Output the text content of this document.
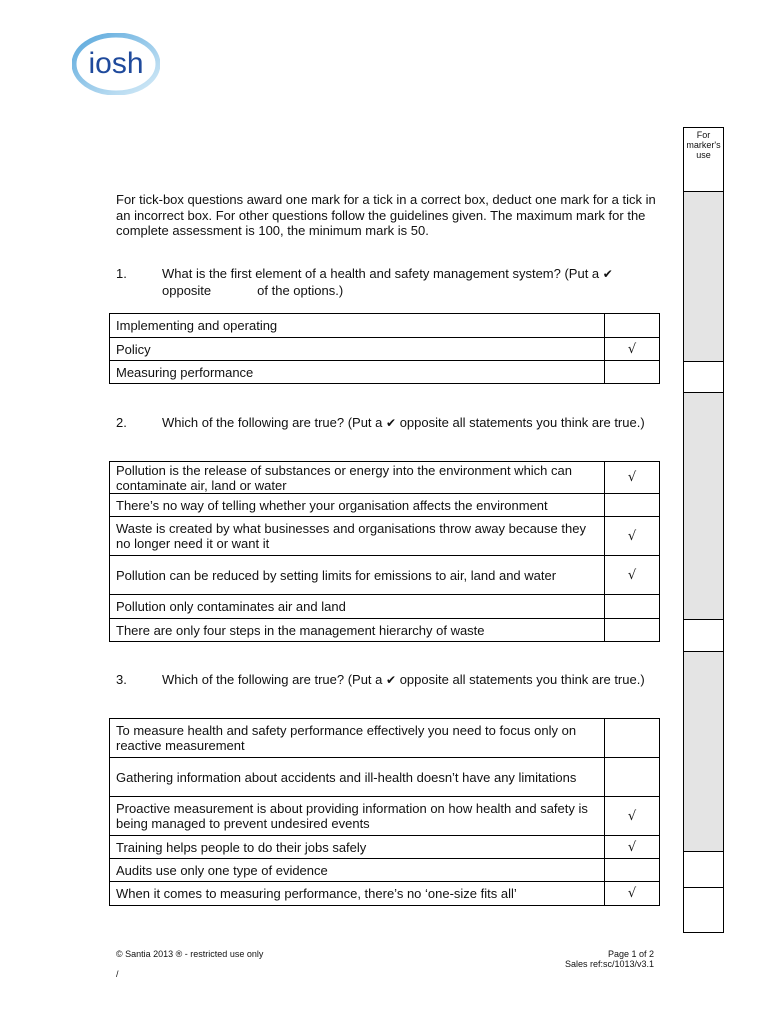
iosh
For marker's use
For tick-box questions award one mark for a tick in a correct box, deduct one mark for a tick in an incorrect box. For other questions follow the guidelines given. The maximum mark for the complete assessment is 100, the minimum mark is 50.
1.	What is the first element of a health and safety management system? (Put a ✔
opposite	of the options.)
Implementing and operating	
Policy	√
Measuring performance	
2.	Which of the following are true? (Put a ✔ opposite all statements you think are true.)
Pollution is the release of substances or energy into the environment which can contaminate air, land or water	√
There’s no way of telling whether your organisation affects the environment	
Waste is created by what businesses and organisations throw away because they no longer need it or want it	√
Pollution can be reduced by setting limits for emissions to air, land and water	√
Pollution only contaminates air and land	
There are only four steps in the management hierarchy of waste	
3.	Which of the following are true? (Put a ✔ opposite all statements you think are true.)
To measure health and safety performance effectively you need to focus only on reactive measurement	
Gathering information about accidents and ill-health doesn’t have any limitations	
Proactive measurement is about providing information on how health and safety is being managed to prevent undesired events	√
Training helps people to do their jobs safely	√
Audits use only one type of evidence	
When it comes to measuring performance, there’s no ‘one-size fits all’	√
© Santia 2013 ® - restricted use only
/
Page 1 of 2
Sales ref:sc/1013/v3.1
